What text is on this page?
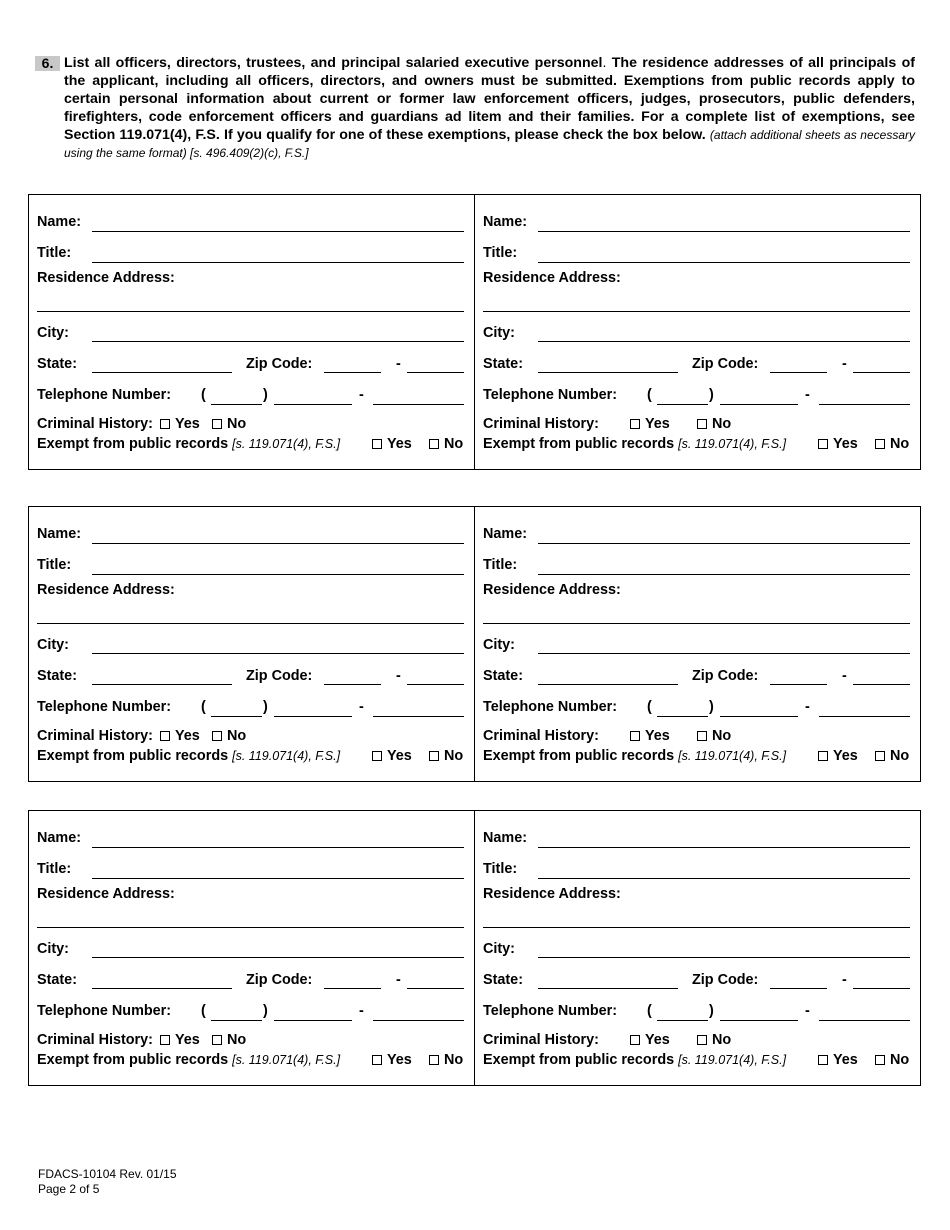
6. List all officers, directors, trustees, and principal salaried executive personnel. The residence addresses of all principals of the applicant, including all officers, directors, and owners must be submitted. Exemptions from public records apply to certain personal information about current or former law enforcement officers, judges, prosecutors, public defenders, firefighters, code enforcement officers and guardians ad litem and their families. For a complete list of exemptions, see Section 119.071(4), F.S. If you qualify for one of these exemptions, please check the box below. (attach additional sheets as necessary using the same format) [s. 496.409(2)(c), F.S.]
Name:
Title:
Residence Address:
City:
State:	Zip Code:	-
Telephone Number: (	)	-
Criminal History:	Yes	No
Exempt from public records [s. 119.071(4), F.S.]	Yes	No
Name:
Title:
Residence Address:
City:
State:	Zip Code:	-
Telephone Number: (	)	-
Criminal History:	Yes	No
Exempt from public records [s. 119.071(4), F.S.]	Yes	No
Name:
Title:
Residence Address:
City:
State:	Zip Code:	-
Telephone Number: (	)	-
Criminal History:	Yes	No
Exempt from public records [s. 119.071(4), F.S.]	Yes	No
Name:
Title:
Residence Address:
City:
State:	Zip Code:	-
Telephone Number: (	)	-
Criminal History:	Yes	No
Exempt from public records [s. 119.071(4), F.S.]	Yes	No
Name:
Title:
Residence Address:
City:
State:	Zip Code:	-
Telephone Number: (	)	-
Criminal History:	Yes	No
Exempt from public records [s. 119.071(4), F.S.]	Yes	No
Name:
Title:
Residence Address:
City:
State:	Zip Code:	-
Telephone Number: (	)	-
Criminal History:	Yes	No
Exempt from public records [s. 119.071(4), F.S.]	Yes	No
FDACS-10104 Rev. 01/15
Page 2 of 5
